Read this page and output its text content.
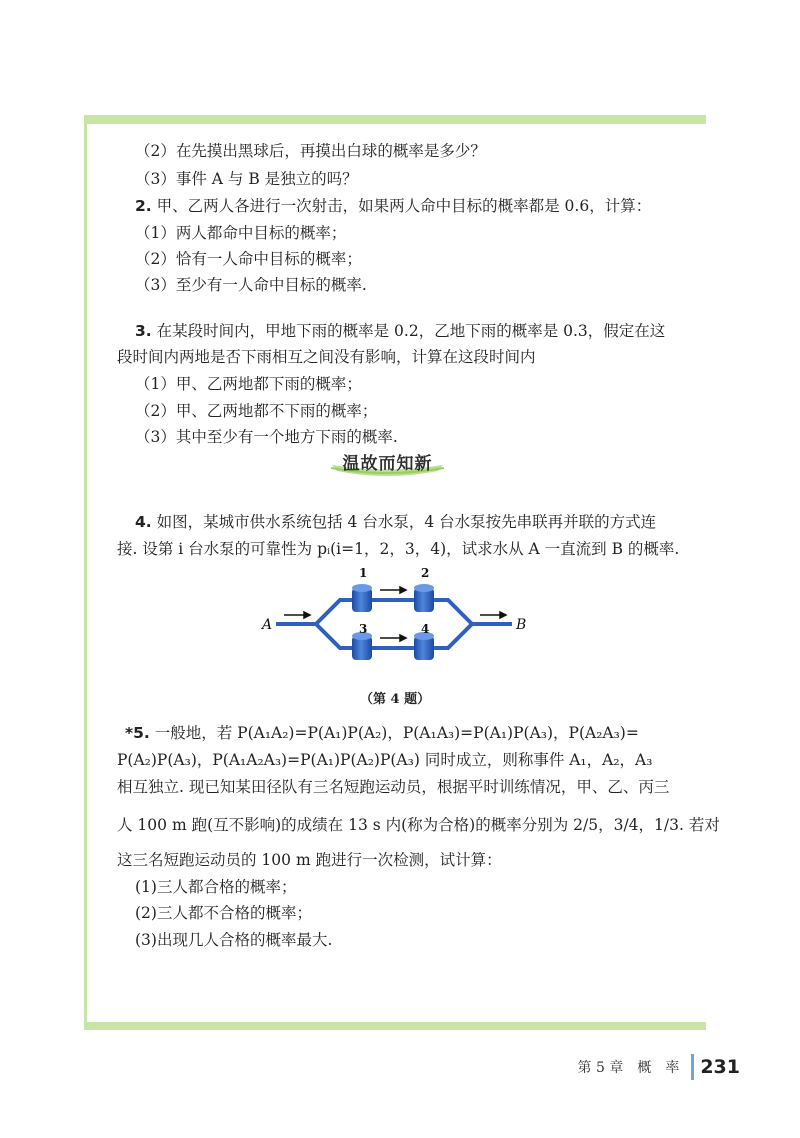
（2）在先摸出黑球后，再摸出白球的概率是多少？
（3）事件 A 与 B 是独立的吗？
2. 甲、乙两人各进行一次射击，如果两人命中目标的概率都是 0.6，计算：
（1）两人都命中目标的概率；
（2）恰有一人命中目标的概率；
（3）至少有一人命中目标的概率.
3. 在某段时间内，甲地下雨的概率是 0.2，乙地下雨的概率是 0.3，假定在这
段时间内两地是否下雨相互之间没有影响，计算在这段时间内
（1）甲、乙两地都下雨的概率；
（2）甲、乙两地都不下雨的概率；
（3）其中至少有一个地方下雨的概率.
温故而知新
4. 如图，某城市供水系统包括 4 台水泵，4 台水泵按先串联再并联的方式连
接. 设第 i 台水泵的可靠性为 pᵢ(i=1，2，3，4)，试求水从 A 一直流到 B 的概率.
1	2
3	4
A	B
（第 4 题）
*5. 一般地，若 P(A₁A₂)=P(A₁)P(A₂)，P(A₁A₃)=P(A₁)P(A₃)，P(A₂A₃)=
P(A₂)P(A₃)，P(A₁A₂A₃)=P(A₁)P(A₂)P(A₃) 同时成立，则称事件 A₁，A₂，A₃
相互独立. 现已知某田径队有三名短跑运动员，根据平时训练情况，甲、乙、丙三
人 100 m 跑(互不影响)的成绩在 13 s 内(称为合格)的概率分别为 2/5，3/4，1/3. 若对
这三名短跑运动员的 100 m 跑进行一次检测，试计算：
(1)三人都合格的概率；
(2)三人都不合格的概率；
(3)出现几人合格的概率最大.
第 5 章　概　率 231
